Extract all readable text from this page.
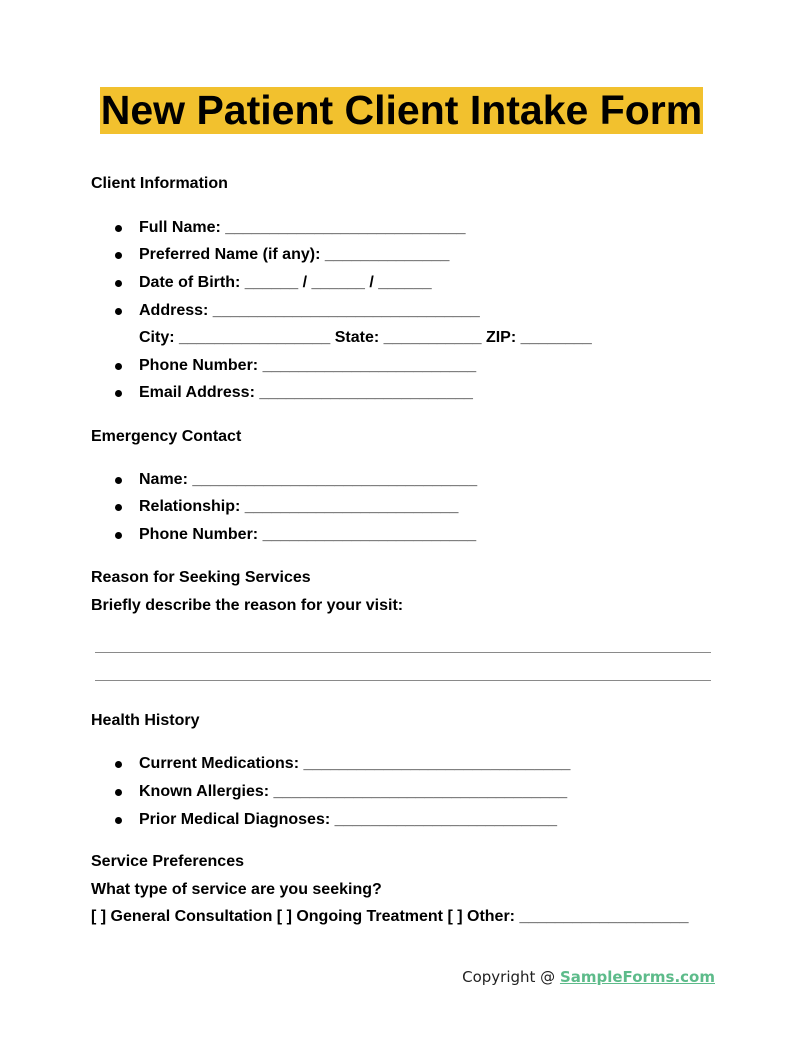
New Patient Client Intake Form
Client Information

Full Name: ___________________________

Preferred Name (if any): ______________

Date of Birth: ______ / ______ / ______

Address: ______________________________

City: _________________ State: ___________ ZIP: ________

Phone Number: ________________________

Email Address: ________________________

Emergency Contact

Name: ________________________________

Relationship: ________________________

Phone Number: ________________________

Reason for Seeking Services
Briefly describe the reason for your visit:
Health History

Current Medications: ______________________________

Known Allergies: _________________________________

Prior Medical Diagnoses: _________________________

Service Preferences
What type of service are you seeking?
[ ] General Consultation [ ] Ongoing Treatment [ ] Other: ___________________
Copyright @ SampleForms.com
